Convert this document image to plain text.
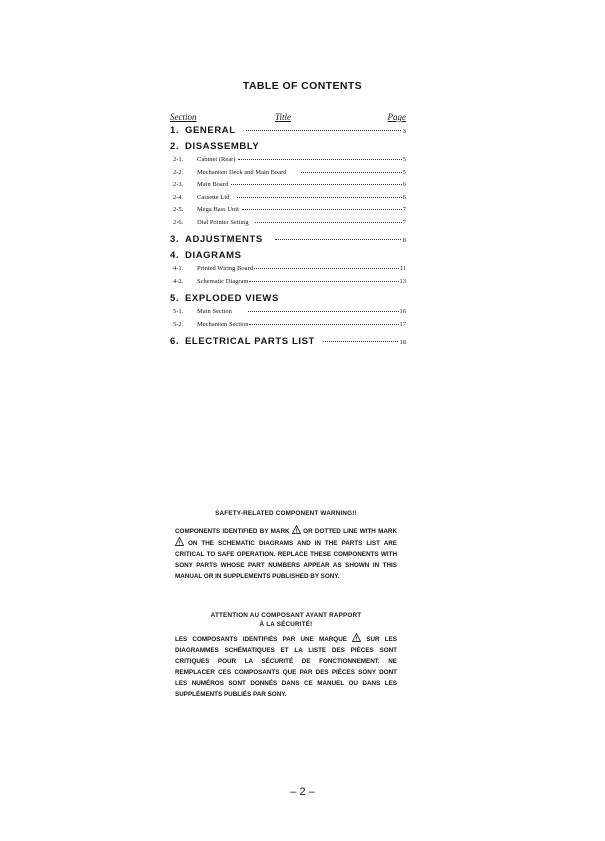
TABLE OF CONTENTS
Section	Title	Page
1. GENERAL	3
2. DISASSEMBLY
2-1.	Cabinet (Rear)	5
2-2.	Mechanism Deck and Main Board	5
2-3.	Main Board	6
2-4.	Cassette Lid	6
2-5.	Mega Bass Unit	7
2-6.	Dial Pointer Setting	7
3. ADJUSTMENTS	8
4. DIAGRAMS
4-1.	Printed Wiring Board	11
4-2.	Schematic Diagram	13
5. EXPLODED VIEWS
5-1.	Main Section	16
5-2.	Mechanism Section	17
6. ELECTRICAL PARTS LIST	18
SAFETY-RELATED COMPONENT WARNING!!
COMPONENTS IDENTIFIED BY MARK ! OR DOTTED LINE WITH MARK
! ON THE SCHEMATIC DIAGRAMS AND IN THE PARTS LIST ARE CRITICAL TO SAFE OPERATION. REPLACE THESE COMPONENTS WITH SONY PARTS WHOSE PART NUMBERS APPEAR AS SHOWN IN THIS MANUAL OR IN SUPPLEMENTS PUBLISHED BY SONY.
ATTENTION AU COMPOSANT AYANT RAPPORT
À LA SÉCURITÉ!
LES COMPOSANTS IDENTIFIÉS PAR UNE MARQUE ! SUR LES DIAGRAMMES SCHÉMATIQUES ET LA LISTE DES PIÈCES SONT CRITIQUES POUR LA SÉCURITÉ DE FONCTIONNEMENT. NE REMPLACER CES COMPOSANTS QUE PAR DES PIÈCES SONY DONT LES NUMÉROS SONT DONNÉS DANS CE MANUEL OU DANS LES SUPPLÉMENTS PUBLIÉS PAR SONY.
– 2 –
